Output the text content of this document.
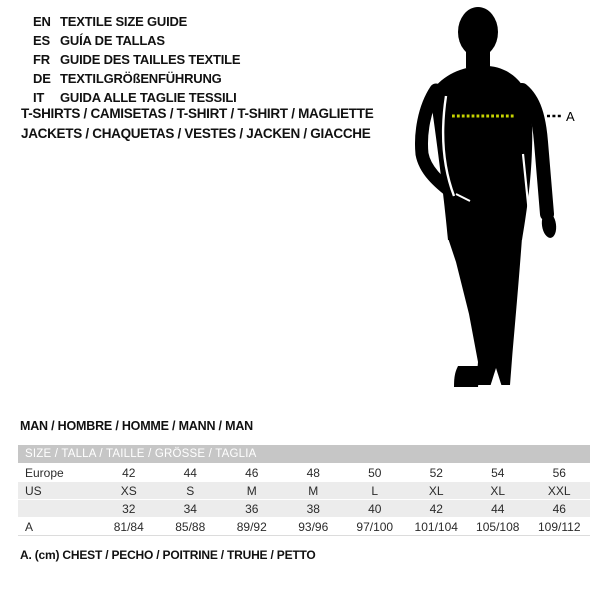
EN TEXTILE SIZE GUIDE
ES GUÍA DE TALLAS
FR GUIDE DES TAILLES TEXTILE
DE TEXTILGRÖßENFÜHRUNG
IT	GUIDA ALLE TAGLIE TESSILI
T-SHIRTS / CAMISETAS / T-SHIRT / T-SHIRT / MAGLIETTE
JACKETS / CHAQUETAS / VESTES / JACKEN / GIACCHE
A
MAN / HOMBRE / HOMME / MANN / MAN
SIZE / TALLA / TAILLE / GRÖSSE / TAGLIA								
Europe	42	44	46	48	50	52	54	56
US	XS	S	M	M	L	XL	XL	XXL
	32	34	36	38	40	42	44	46
A	81/84	85/88	89/92	93/96	97/100	101/104	105/108	109/112
A. (cm) CHEST / PECHO / POITRINE / TRUHE / PETTO
